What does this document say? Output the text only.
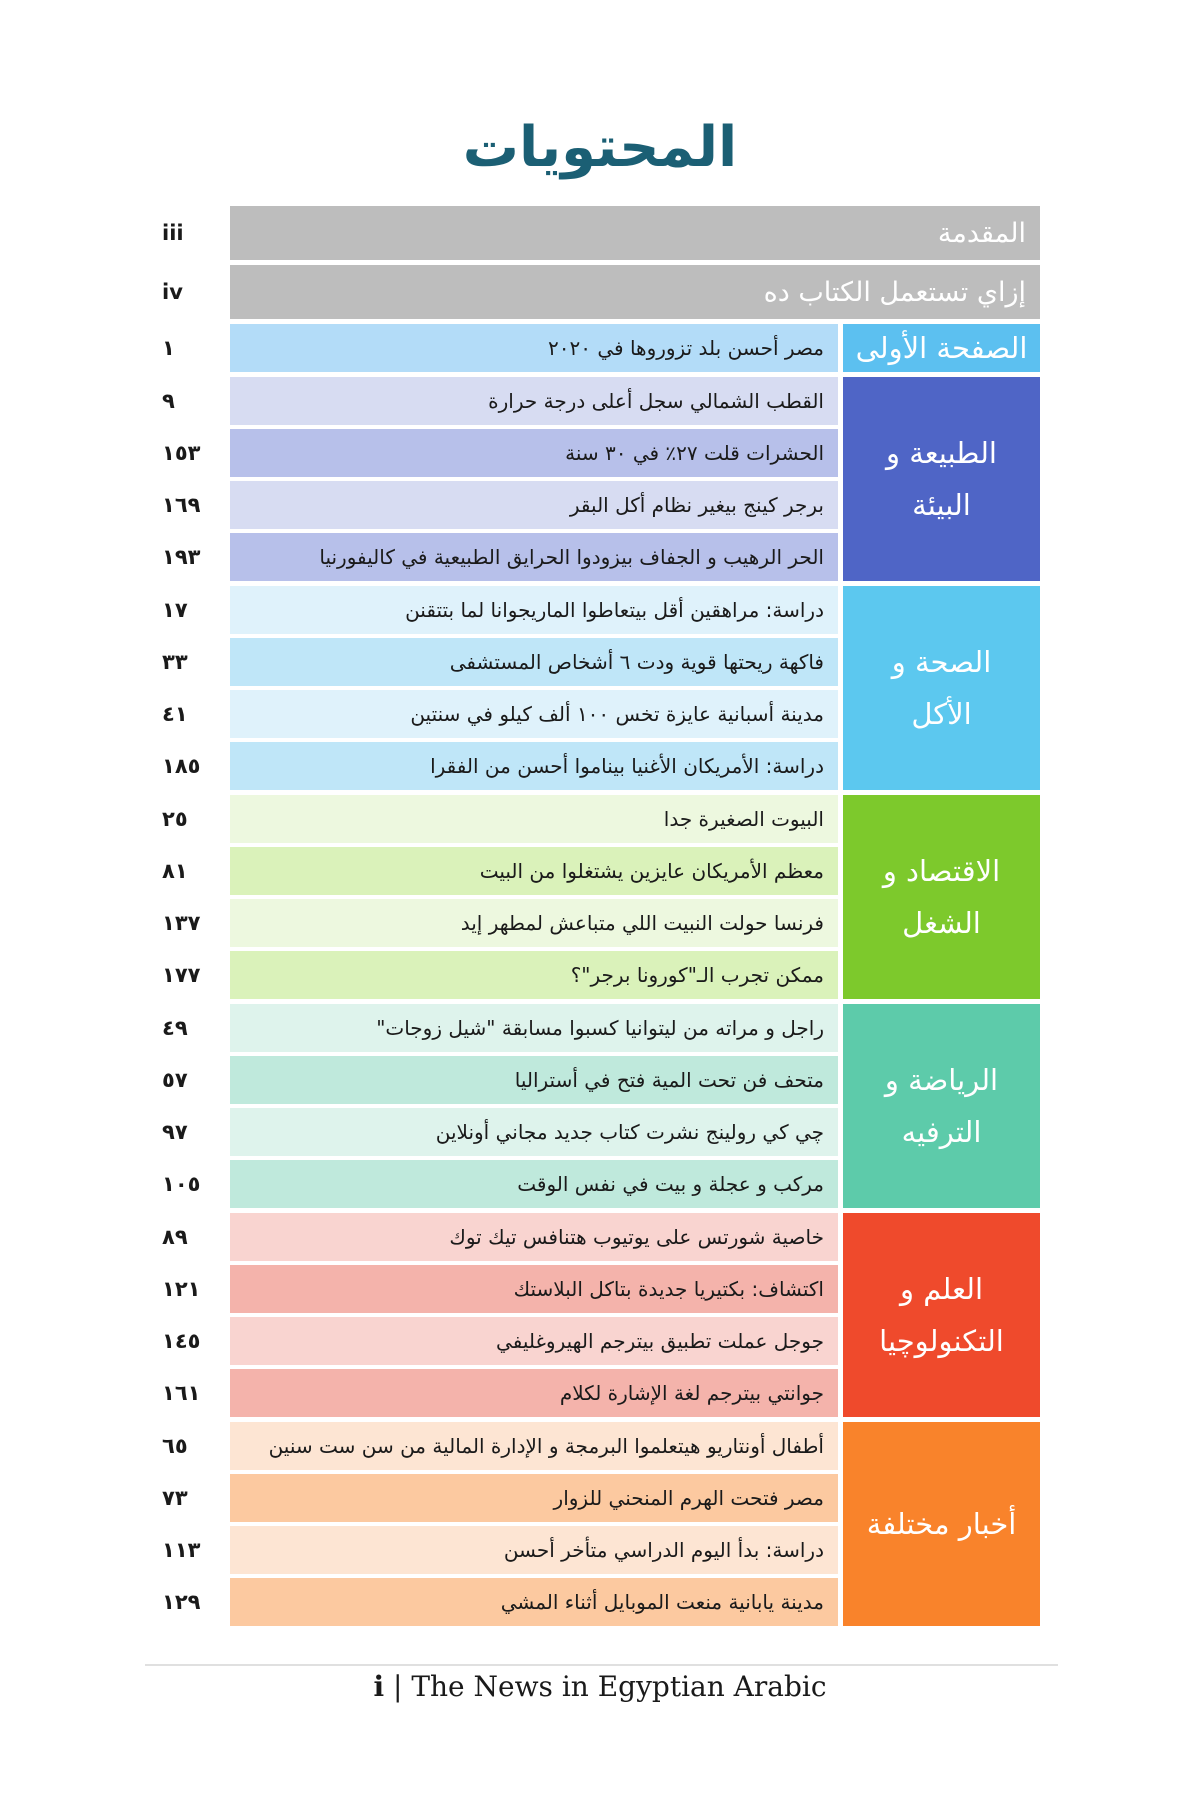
المحتويات
المقدمة
إزاي تستعمل الكتاب ده
الصفحة الأولى
مصر أحسن بلد تزوروها في ٢٠٢٠
الطبيعة و
البيئة
القطب الشمالي سجل أعلى درجة حرارة
الحشرات قلت ٢٧٪ في ٣٠ سنة
برجر كينج بيغير نظام أكل البقر
الحر الرهيب و الجفاف بيزودوا الحرايق الطبيعية في كاليفورنيا
الصحة و
الأكل
دراسة: مراهقين أقل بيتعاطوا الماريجوانا لما بتتقنن
فاكهة ريحتها قوية ودت ٦ أشخاص المستشفى
مدينة أسبانية عايزة تخس ١٠٠ ألف كيلو في سنتين
دراسة: الأمريكان الأغنيا بيناموا أحسن من الفقرا
الاقتصاد و
الشغل
البيوت الصغيرة جدا
معظم الأمريكان عايزين يشتغلوا من البيت
فرنسا حولت النبيت اللي متباعش لمطهر إيد
ممكن تجرب الـ"كورونا برجر"؟
الرياضة و
الترفيه
راجل و مراته من ليتوانيا كسبوا مسابقة "شيل زوجات"
متحف فن تحت المية فتح في أستراليا
چي كي رولينج نشرت كتاب جديد مجاني أونلاين
مركب و عجلة و بيت في نفس الوقت
العلم و
التكنولوچيا
خاصية شورتس على يوتيوب هتنافس تيك توك
اكتشاف: بكتيريا جديدة بتاكل البلاستك
جوجل عملت تطبيق بيترجم الهيروغليفي
جوانتي بيترجم لغة الإشارة لكلام
أخبار مختلفة
أطفال أونتاريو هيتعلموا البرمجة و الإدارة المالية من سن ست سنين
مصر فتحت الهرم المنحني للزوار
دراسة: بدأ اليوم الدراسي متأخر أحسن
مدينة يابانية منعت الموبايل أثناء المشي
iii
iv
١
٩
١٥٣
١٦٩
١٩٣
١٧
٣٣
٤١
١٨٥
٢٥
٨١
١٣٧
١٧٧
٤٩
٥٧
٩٧
١٠٥
٨٩
١٢١
١٤٥
١٦١
٦٥
٧٣
١١٣
١٢٩
i | The News in Egyptian Arabic
